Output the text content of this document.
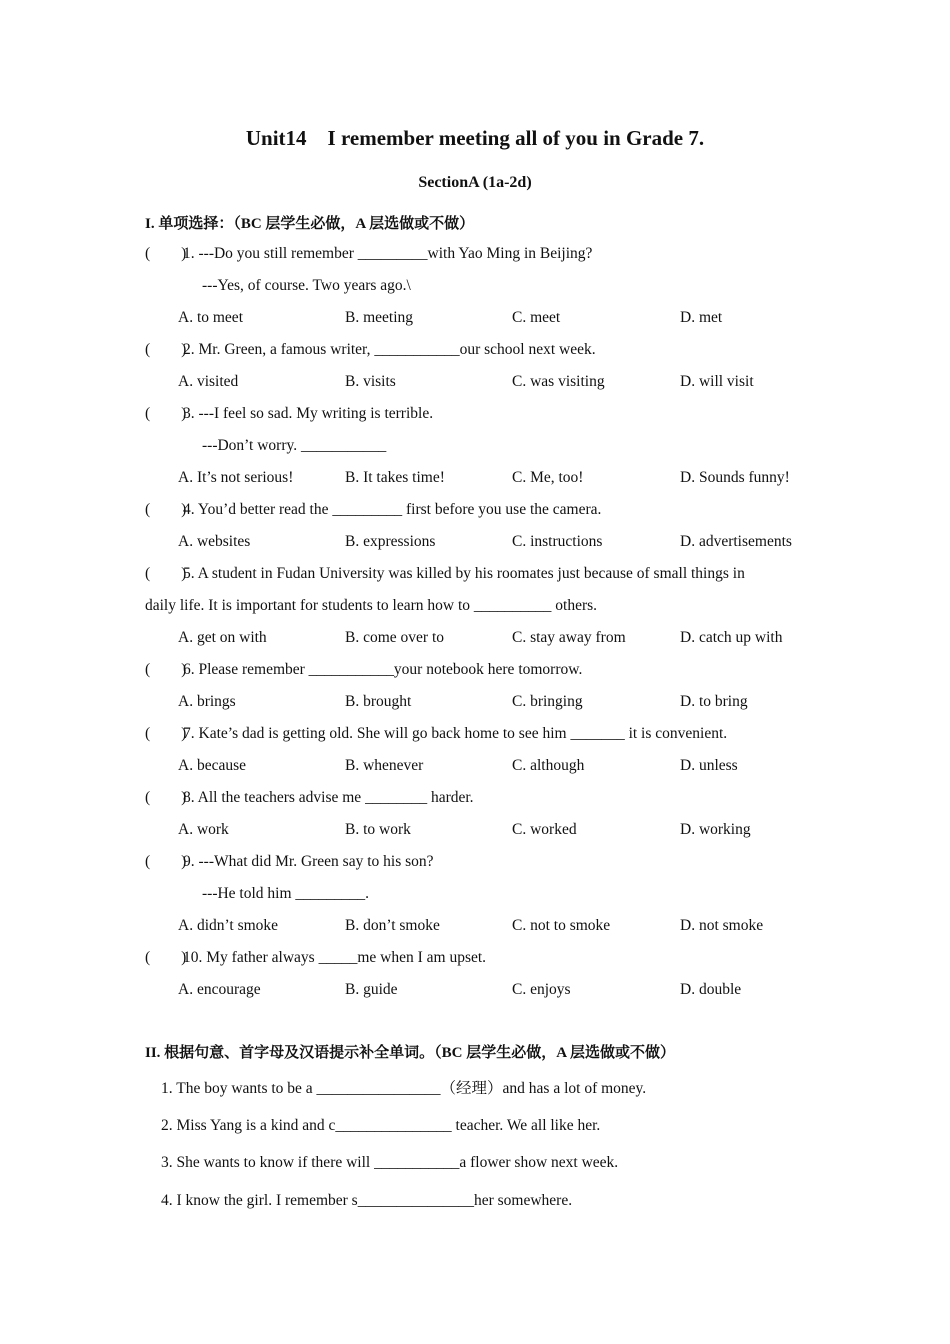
Unit14    I remember meeting all of you in Grade 7.
SectionA (1a-2d)
I. 单项选择：（BC 层学生必做，A 层选做或不做）
(        )1. ---Do you still remember _________with Yao Ming in Beijing?
---Yes, of course. Two years ago.\
A. to meet	B. meeting	C. meet	D. met
(        )2. Mr. Green, a famous writer, ___________our school next week.
A. visited	B. visits	C. was visiting	D. will visit
(        )3. ---I feel so sad. My writing is terrible.
---Don’t worry. ___________
A. It’s not serious!	B. It takes time!	C. Me, too!	D. Sounds funny!
(        )4. You’d better read the _________ first before you use the camera.
A. websites	B. expressions	C. instructions	D. advertisements
(        )5. A student in Fudan University was killed by his roomates just because of small things in
daily life. It is important for students to learn how to __________ others.
A. get on with	B. come over to	C. stay away from	D. catch up with
(        )6. Please remember ___________your notebook here tomorrow.
A. brings	B. brought	C. bringing	D. to bring
(        )7. Kate’s dad is getting old. She will go back home to see him _______ it is convenient.
A. because	B. whenever	C. although	D. unless
(        )8. All the teachers advise me ________ harder.
A. work	B. to work	C. worked	D. working
(        )9. ---What did Mr. Green say to his son?
---He told him _________.
A. didn’t smoke	B. don’t smoke	C. not to smoke	D. not smoke
(        )10. My father always _____me when I am upset.
A. encourage	B. guide	C. enjoys	D. double
II. 根据句意、首字母及汉语提示补全单词。（BC 层学生必做，A 层选做或不做）
1. The boy wants to be a ________________（经理）and has a lot of money.
2. Miss Yang is a kind and c_______________ teacher. We all like her.
3. She wants to know if there will ___________a flower show next week.
4. I know the girl. I remember s_______________her somewhere.
